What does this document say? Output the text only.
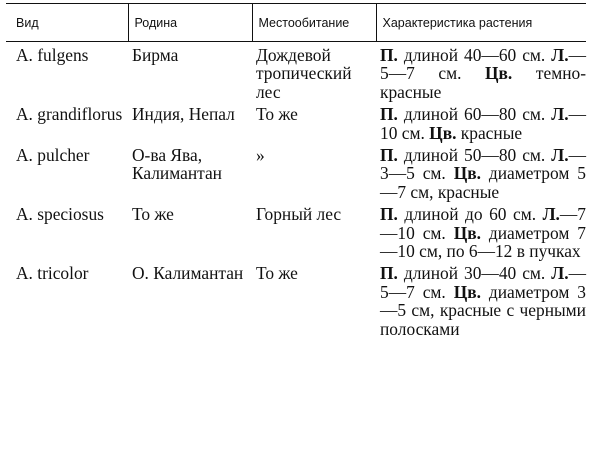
Вид	Родина	Местообитание	Характеристика растения
A. fulgens	Бирма	Дождевой тропический лес	П. длиной 40—60 см. Л.—5—7 см. Цв. темно-красные
A. grandiflorus	Индия, Непал	То же	П. длиной 60—80 см. Л.—10 см. Цв. красные
A. pulcher	О-ва Ява, Калимантан	»	П. длиной 50—80 см. Л.—3—5 см. Цв. диаметром 5—7 см, красные
A. speciosus	То же	Горный лес	П. длиной до 60 см. Л.—7—10 см. Цв. диаметром 7—10 см, по 6—12 в пучках
A. tricolor	О. Калимантан	То же	П. длиной 30—40 см. Л.—5—7 см. Цв. диаметром 3—5 см, красные с черными полосками
